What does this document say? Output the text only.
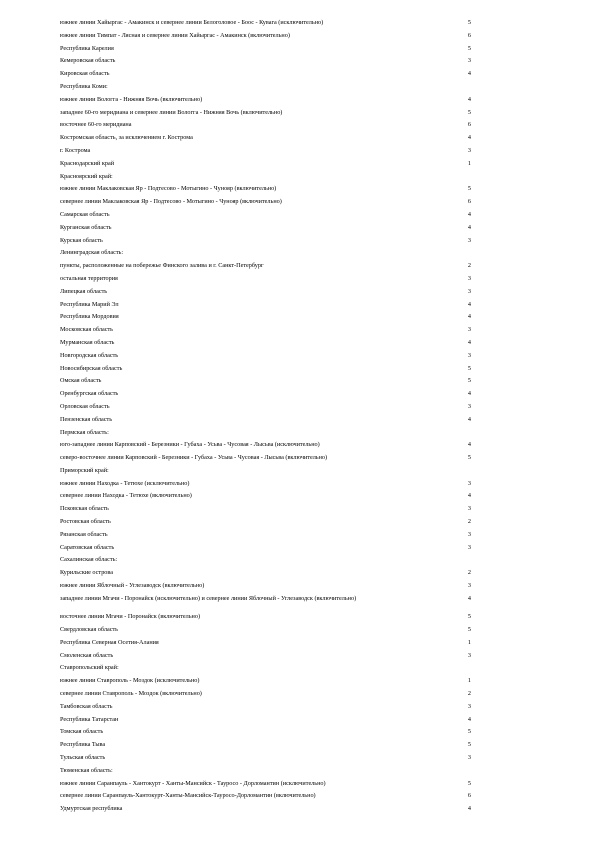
южнее линии Хайыргас - Амакинск и севернее линии Белоголовое - Боос - Кувага (исключительно)	5
южнее линии Тимпат - Лясная и севернее линии Хайыргас - Амакинск (включительно)	6
Республика Карелия	5
Кемеровская область	3
Кировская область	4
Республика Коми:
южнее линии Вологга - Нижняя Вочь (включительно)	4
западнее 60-го меридиана и севернее линии Вологга - Нижняя Вочь (включительно)	5
восточнее 60-го меридиана	6
Костромская область, за исключением г. Кострома	4
г. Кострома	3
Краснодарский край	1
Красноярский край:
южнее линии Маклаковская Яр - Подтесово - Мотыгино - Чунояр (включительно)	5
севернее линии Маклаковская Яр - Подтесово - Мотыгино - Чунояр (включительно)	6
Самарская область	4
Курганская область	4
Курская область	3
Ленинградская область:
пункты, расположенные на побережье Финского залива и г. Санкт-Петербург	2
остальная территория	3
Липецкая область	3
Республика Марий Эл	4
Республика Мордовия	4
Московская область	3
Мурманская область	4
Новгородская область	3
Новосибирская область	5
Омская область	5
Оренбургская область	4
Орловская область	3
Пензенская область	4
Пермская область:
юго-западнее линии Карповский - Березники - Губаха - Усьва - Чусовая - Лысьва (исключительно)	4
северо-восточнее линии Карповский - Березники - Губаха - Усьва - Чусовая - Лысьва (включительно)	5
Приморский край:
южнее линии Находка - Тетюхе (исключительно)	3
севернее линии Находка - Тетюхе (включительно)	4
Псковская область	3
Ростовская область	2
Рязанская область	3
Саратовская область	3
Сахалинская область:
Курильские острова	2
южнее линии Яблочный - Углезаводск (включительно)	3
западнее линии Мгачи - Поронайск (исключительно) и севернее линии Яблочный - Углезаводск (включительно)	4
восточнее линии Мгачи - Поронайск (включительно)	5
Свердловская область	5
Республика Северная Осетия-Алания	1
Смоленская область	3
Ставропольский край:
южнее линии Ставрополь - Моздок (исключительно)	1
севернее линии Ставрополь - Моздок (включительно)	2
Тамбовская область	3
Республика Татарстан	4
Томская область	5
Республика Тыва	5
Тульская область	3
Тюменская область:
южнее линии Саранпауль - Хантокурт - Ханты-Мансийск - Тауросо - Дорломантин (исключительно)	5
севернее линии Саранпауль-Хантокурт-Ханты-Мансийск-Тауросо-Дорломантин (включительно)	6
Удмуртская республика	4
